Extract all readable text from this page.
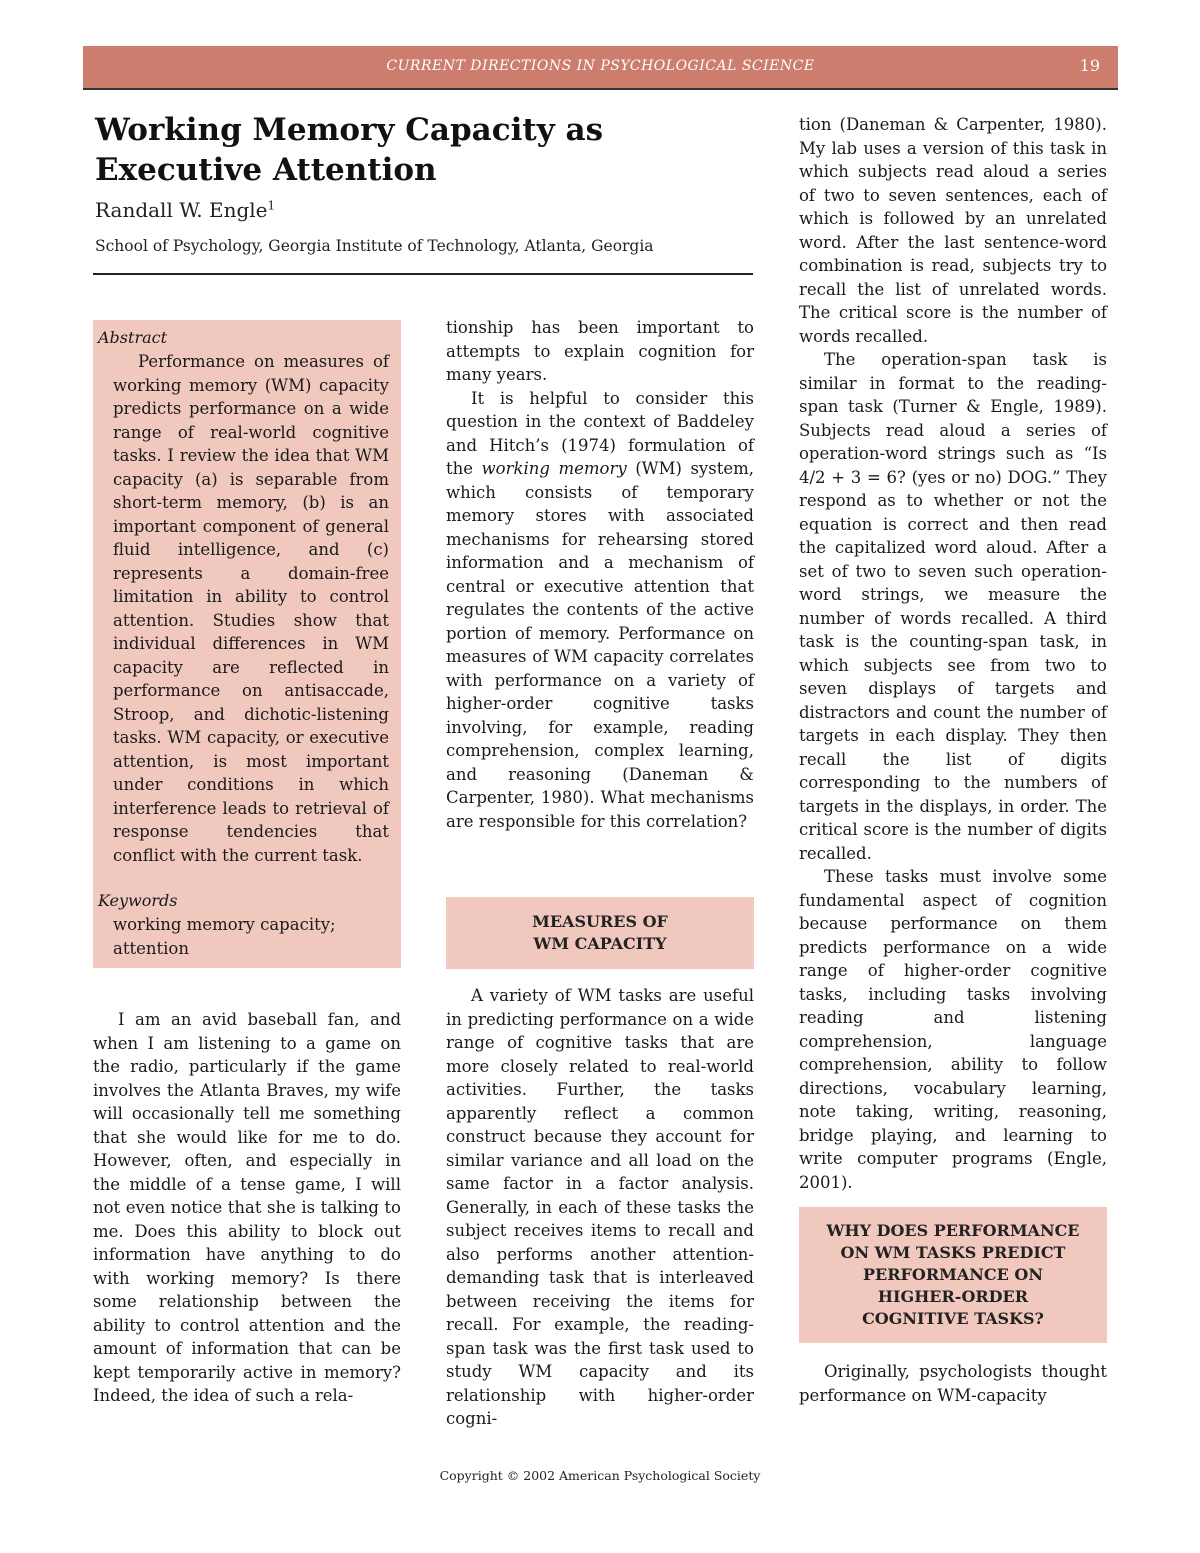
CURRENT DIRECTIONS IN PSYCHOLOGICAL SCIENCE	19
Working Memory Capacity as
Executive Attention
Randall W. Engle$^1$
School of Psychology, Georgia Institute of Technology, Atlanta, Georgia
Abstract

Performance on measures of working memory (WM) capacity predicts performance on a wide range of real-world cognitive tasks. I review the idea that WM capacity (a) is separable from short-term memory, (b) is an important component of general fluid intelligence, and (c) represents a domain-free limitation in ability to control attention. Studies show that individual differences in WM capacity are reflected in performance on antisaccade, Stroop, and dichotic-listening tasks. WM capacity, or executive attention, is most important under conditions in which interference leads to retrieval of response tendencies that conflict with the current task.

Keywords

working memory capacity; attention

I am an avid baseball fan, and when I am listening to a game on the radio, particularly if the game involves the Atlanta Braves, my wife will occasionally tell me something that she would like for me to do. However, often, and especially in the middle of a tense game, I will not even notice that she is talking to me. Does this ability to block out information have anything to do with working memory? Is there some relationship between the ability to control attention and the amount of information that can be kept temporarily active in memory? Indeed, the idea of such a rela-

tionship has been important to attempts to explain cognition for many years.

It is helpful to consider this question in the context of Baddeley and Hitch’s (1974) formulation of the working memory (WM) system, which consists of temporary memory stores with associated mechanisms for rehearsing stored information and a mechanism of central or executive attention that regulates the contents of the active portion of memory. Performance on measures of WM capacity correlates with performance on a variety of higher-order cognitive tasks involving, for example, reading comprehension, complex learning, and reasoning (Daneman & Carpenter, 1980). What mechanisms are responsible for this correlation?

MEASURES OF
WM CAPACITY

A variety of WM tasks are useful in predicting performance on a wide range of cognitive tasks that are more closely related to real-world activities. Further, the tasks apparently reflect a common construct because they account for similar variance and all load on the same factor in a factor analysis. Generally, in each of these tasks the subject receives items to recall and also performs another attention-demanding task that is interleaved between receiving the items for recall. For example, the reading-span task was the first task used to study WM capacity and its relationship with higher-order cogni-

tion (Daneman & Carpenter, 1980). My lab uses a version of this task in which subjects read aloud a series of two to seven sentences, each of which is followed by an unrelated word. After the last sentence-word combination is read, subjects try to recall the list of unrelated words. The critical score is the number of words recalled.

The operation-span task is similar in format to the reading-span task (Turner & Engle, 1989). Subjects read aloud a series of operation-word strings such as “Is 4/2 + 3 = 6? (yes or no) DOG.” They respond as to whether or not the equation is correct and then read the capitalized word aloud. After a set of two to seven such operation-word strings, we measure the number of words recalled. A third task is the counting-span task, in which subjects see from two to seven displays of targets and distractors and count the number of targets in each display. They then recall the list of digits corresponding to the numbers of targets in the displays, in order. The critical score is the number of digits recalled.

These tasks must involve some fundamental aspect of cognition because performance on them predicts performance on a wide range of higher-order cognitive tasks, including tasks involving reading and listening comprehension, language comprehension, ability to follow directions, vocabulary learning, note taking, writing, reasoning, bridge playing, and learning to write computer programs (Engle, 2001).

WHY DOES PERFORMANCE
ON WM TASKS PREDICT
PERFORMANCE ON
HIGHER-ORDER
COGNITIVE TASKS?

Originally, psychologists thought performance on WM-capacity

Copyright © 2002 American Psychological Society
